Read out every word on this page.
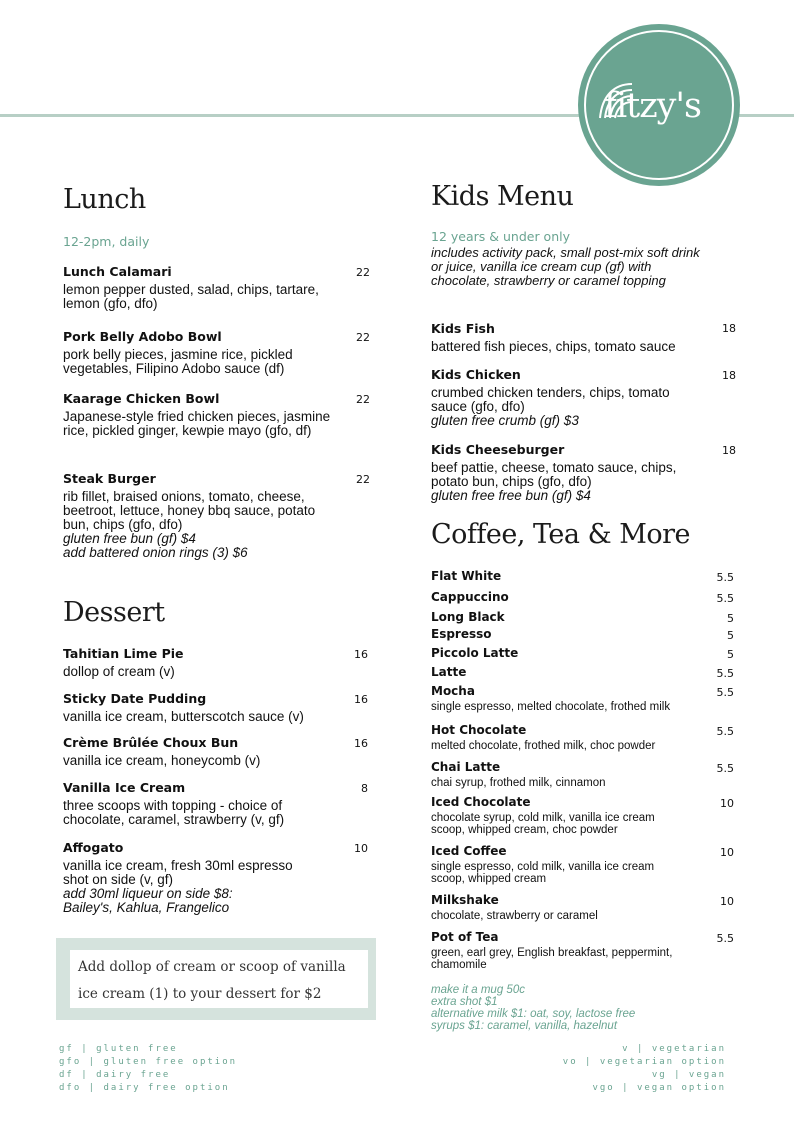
fitzy's
Lunch
12-2pm, daily
Lunch Calamari
lemon pepper dusted, salad, chips, tartare, lemon (gfo, dfo)
22
Pork Belly Adobo Bowl
pork belly pieces, jasmine rice, pickled vegetables, Filipino Adobo sauce (df)
22
Kaarage Chicken Bowl
Japanese-style fried chicken pieces, jasmine rice, pickled ginger, kewpie mayo (gfo, df)
22
Steak Burger
rib fillet, braised onions, tomato, cheese, beetroot, lettuce, honey bbq sauce, potato bun, chips (gfo, dfo)
gluten free bun (gf) $4
add battered onion rings (3) $6
22
Dessert
Tahitian Lime Pie
dollop of cream (v)
16
Sticky Date Pudding
vanilla ice cream, butterscotch sauce (v)
16
Crème Brûlée Choux Bun
vanilla ice cream, honeycomb (v)
16
Vanilla Ice Cream
three scoops with topping - choice of chocolate, caramel, strawberry (v, gf)
8
Affogato
vanilla ice cream, fresh 30ml espresso shot on side (v, gf)
add 30ml liqueur on side $8:
Bailey's, Kahlua, Frangelico
10
Add dollop of cream or scoop of vanilla ice cream (1) to your dessert for $2
Kids Menu
12 years & under only
includes activity pack, small post-mix soft drink or juice, vanilla ice cream cup (gf) with chocolate, strawberry or caramel topping
Kids Fish
battered fish pieces, chips, tomato sauce
18
Kids Chicken
crumbed chicken tenders, chips, tomato sauce (gfo, dfo)
gluten free crumb (gf) $3
18
Kids Cheeseburger
beef pattie, cheese, tomato sauce, chips, potato bun, chips (gfo, dfo)
gluten free free bun (gf) $4
18
Coffee, Tea & More
Flat White	5.5
Cappuccino	5.5
Long Black	5
Espresso	5
Piccolo Latte	5
Latte	5.5
Mocha
single espresso, melted chocolate, frothed milk
5.5
Hot Chocolate
melted chocolate, frothed milk, choc powder
5.5
Chai Latte
chai syrup, frothed milk, cinnamon
5.5
Iced Chocolate
chocolate syrup, cold milk, vanilla ice cream scoop, whipped cream, choc powder
10
Iced Coffee
single espresso, cold milk, vanilla ice cream scoop, whipped cream
10
Milkshake
chocolate, strawberry or caramel
10
Pot of Tea
green, earl grey, English breakfast, peppermint, chamomile
5.5
make it a mug 50c
extra shot $1
alternative milk $1: oat, soy, lactose free
syrups $1: caramel, vanilla, hazelnut
gf | gluten free
gfo | gluten free option
df | dairy free
dfo | dairy free option
v | vegetarian
vo | vegetarian option
vg | vegan
vgo | vegan option
